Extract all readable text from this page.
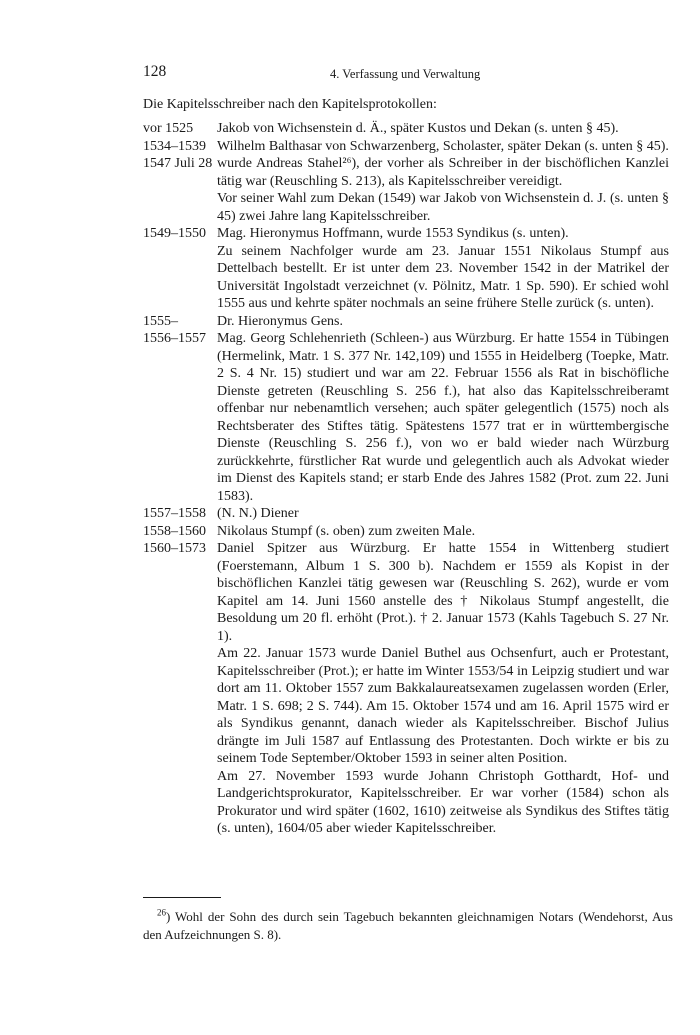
128	4. Verfassung und Verwaltung
Die Kapitelsschreiber nach den Kapitelsprotokollen:
vor 1525	Jakob von Wichsenstein d. Ä., später Kustos und Dekan (s. unten § 45).

1534–1539 Wilhelm Balthasar von Schwarzenberg, Scholaster, später Dekan (s. unten § 45).

1547 Juli 28 wurde Andreas Stahel²⁶), der vorher als Schreiber in der bischöflichen Kanzlei tätig war (Reuschling S. 213), als Kapitelsschreiber vereidigt.

Vor seiner Wahl zum Dekan (1549) war Jakob von Wichsenstein d. J. (s. unten § 45) zwei Jahre lang Kapitelsschreiber.

1549–1550 Mag. Hieronymus Hoffmann, wurde 1553 Syndikus (s. unten).

Zu seinem Nachfolger wurde am 23. Januar 1551 Nikolaus Stumpf aus Dettelbach bestellt. Er ist unter dem 23. November 1542 in der Matrikel der Universität Ingolstadt verzeichnet (v. Pölnitz, Matr. 1 Sp. 590). Er schied wohl 1555 aus und kehrte später nochmals an seine frühere Stelle zurück (s. unten).

1555–	Dr. Hieronymus Gens.

1556–1557 Mag. Georg Schlehenrieth (Schleen-) aus Würzburg. Er hatte 1554 in Tübingen (Hermelink, Matr. 1 S. 377 Nr. 142,109) und 1555 in Heidelberg (Toepke, Matr. 2 S. 4 Nr. 15) studiert und war am 22. Februar 1556 als Rat in bischöfliche Dienste getreten (Reuschling S. 256 f.), hat also das Kapitelsschreiberamt offenbar nur nebenamtlich versehen; auch später gelegentlich (1575) noch als Rechtsberater des Stiftes tätig. Spätestens 1577 trat er in württembergische Dienste (Reuschling S. 256 f.), von wo er bald wieder nach Würzburg zurückkehrte, fürstlicher Rat wurde und gelegentlich auch als Advokat wieder im Dienst des Kapitels stand; er starb Ende des Jahres 1582 (Prot. zum 22. Juni 1583).

1557–1558 (N. N.) Diener

1558–1560 Nikolaus Stumpf (s. oben) zum zweiten Male.

1560–1573 Daniel Spitzer aus Würzburg. Er hatte 1554 in Wittenberg studiert (Foerstemann, Album 1 S. 300 b). Nachdem er 1559 als Kopist in der bischöflichen Kanzlei tätig gewesen war (Reuschling S. 262), wurde er vom Kapitel am 14. Juni 1560 anstelle des † Nikolaus Stumpf angestellt, die Besoldung um 20 fl. erhöht (Prot.). † 2. Januar 1573 (Kahls Tagebuch S. 27 Nr. 1).

Am 22. Januar 1573 wurde Daniel Buthel aus Ochsenfurt, auch er Protestant, Kapitelsschreiber (Prot.); er hatte im Winter 1553/54 in Leipzig studiert und war dort am 11. Oktober 1557 zum Bakkalaureatsexamen zugelassen worden (Erler, Matr. 1 S. 698; 2 S. 744). Am 15. Oktober 1574 und am 16. April 1575 wird er als Syndikus genannt, danach wieder als Kapitelsschreiber. Bischof Julius drängte im Juli 1587 auf Entlassung des Protestanten. Doch wirkte er bis zu seinem Tode September/Oktober 1593 in seiner alten Position.

Am 27. November 1593 wurde Johann Christoph Gotthardt, Hof- und Landgerichtsprokurator, Kapitelsschreiber. Er war vorher (1584) schon als Prokurator und wird später (1602, 1610) zeitweise als Syndikus des Stiftes tätig (s. unten), 1604/05 aber wieder Kapitelsschreiber.

$^{26}$) Wohl der Sohn des durch sein Tagebuch bekannten gleichnamigen Notars (Wendehorst, Aus den Aufzeichnungen S. 8).
